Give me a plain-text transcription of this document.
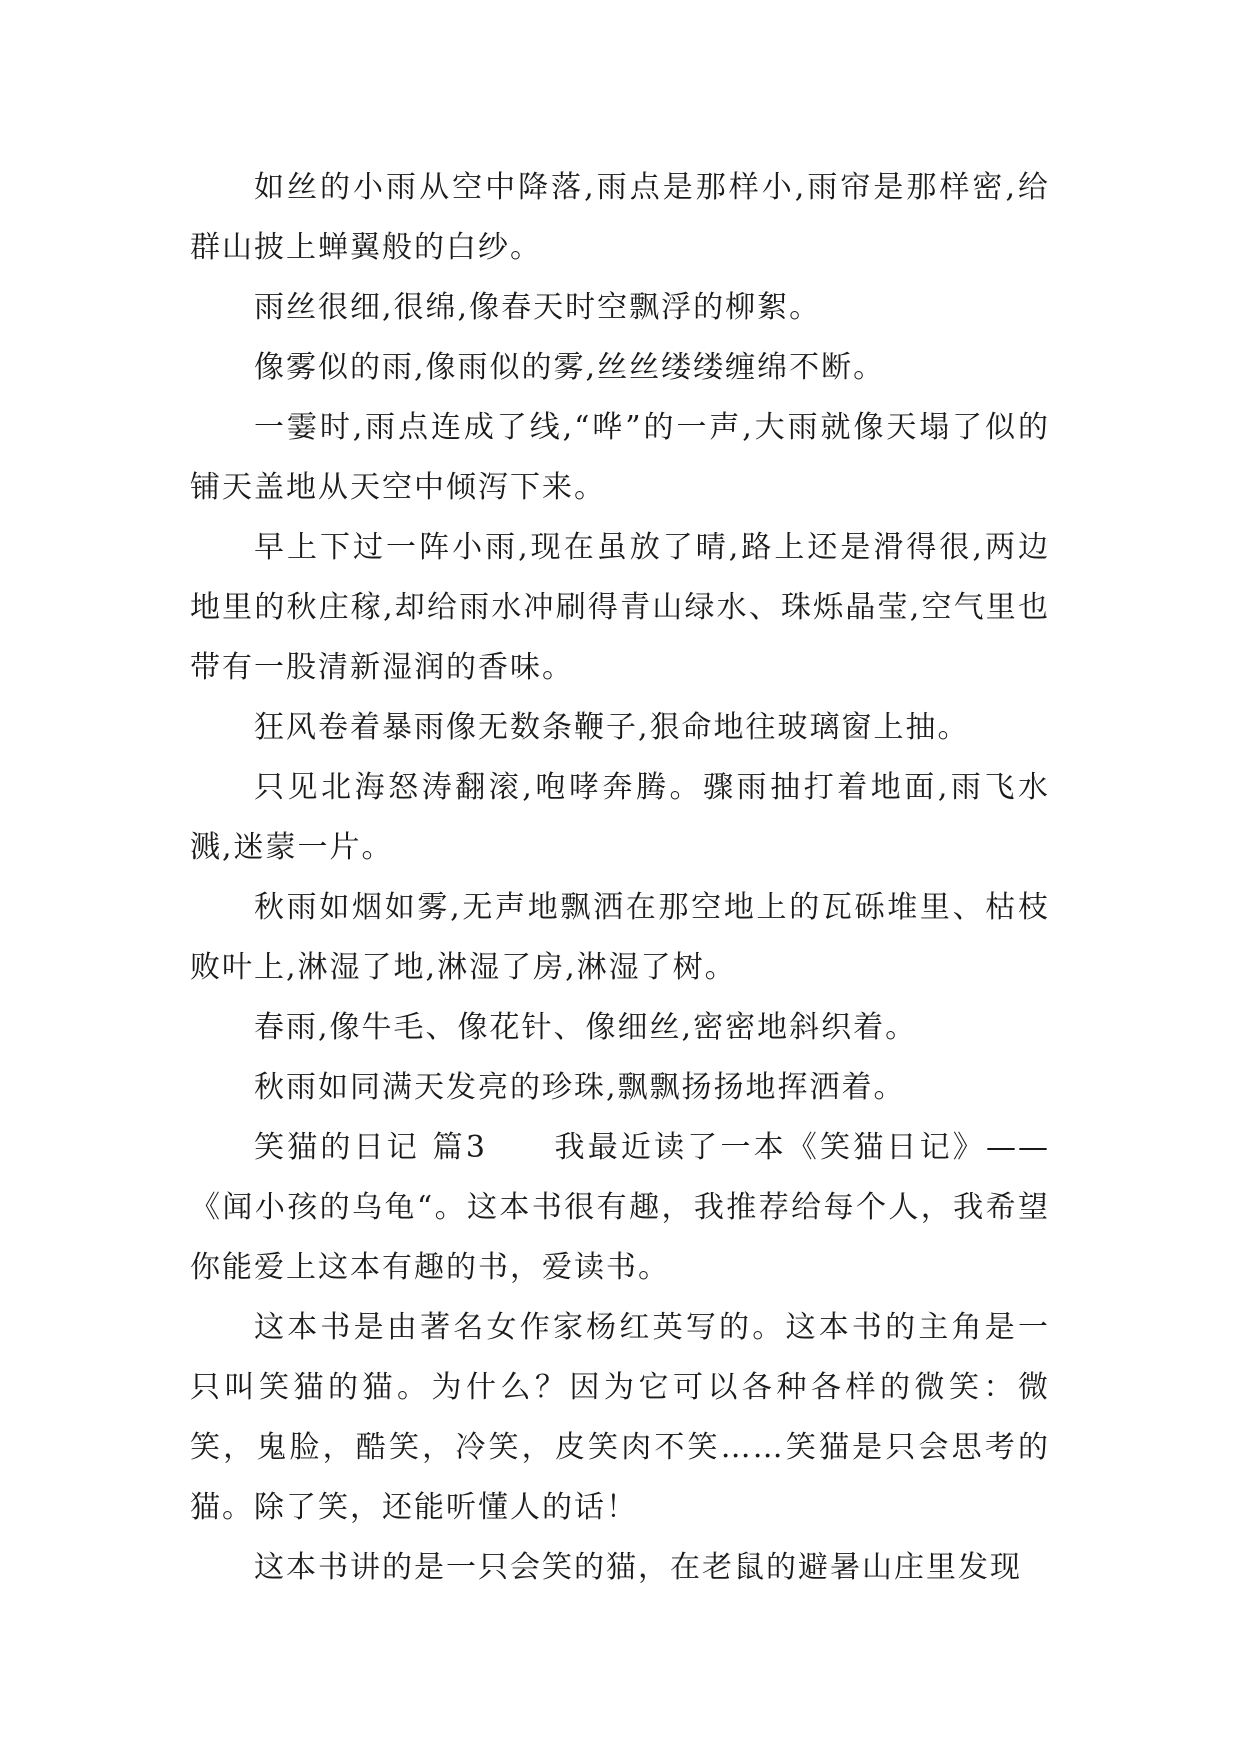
如丝的小雨从空中降落,雨点是那样小,雨帘是那样密,给群山披上蝉翼般的白纱。

雨丝很细,很绵,像春天时空飘浮的柳絮。

像雾似的雨,像雨似的雾,丝丝缕缕缠绵不断。

一霎时,雨点连成了线,“哗”的一声,大雨就像天塌了似的铺天盖地从天空中倾泻下来。

早上下过一阵小雨,现在虽放了晴,路上还是滑得很,两边地里的秋庄稼,却给雨水冲刷得青山绿水、珠烁晶莹,空气里也带有一股清新湿润的香味。

狂风卷着暴雨像无数条鞭子,狠命地往玻璃窗上抽。

只见北海怒涛翻滚,咆哮奔腾。骤雨抽打着地面,雨飞水溅,迷蒙一片。

秋雨如烟如雾,无声地飘洒在那空地上的瓦砾堆里、枯枝败叶上,淋湿了地,淋湿了房,淋湿了树。

春雨,像牛毛、像花针、像细丝,密密地斜织着。

秋雨如同满天发亮的珍珠,飘飘扬扬地挥洒着。

笑猫的日记 篇3　　我最近读了一本《笑猫日记》——《闻小孩的乌龟“。这本书很有趣，我推荐给每个人，我希望你能爱上这本有趣的书，爱读书。

这本书是由著名女作家杨红英写的。这本书的主角是一只叫笑猫的猫。为什么？因为它可以各种各样的微笑：微笑，鬼脸，酷笑，冷笑，皮笑肉不笑……笑猫是只会思考的猫。除了笑，还能听懂人的话！

这本书讲的是一只会笑的猫，在老鼠的避暑山庄里发现
